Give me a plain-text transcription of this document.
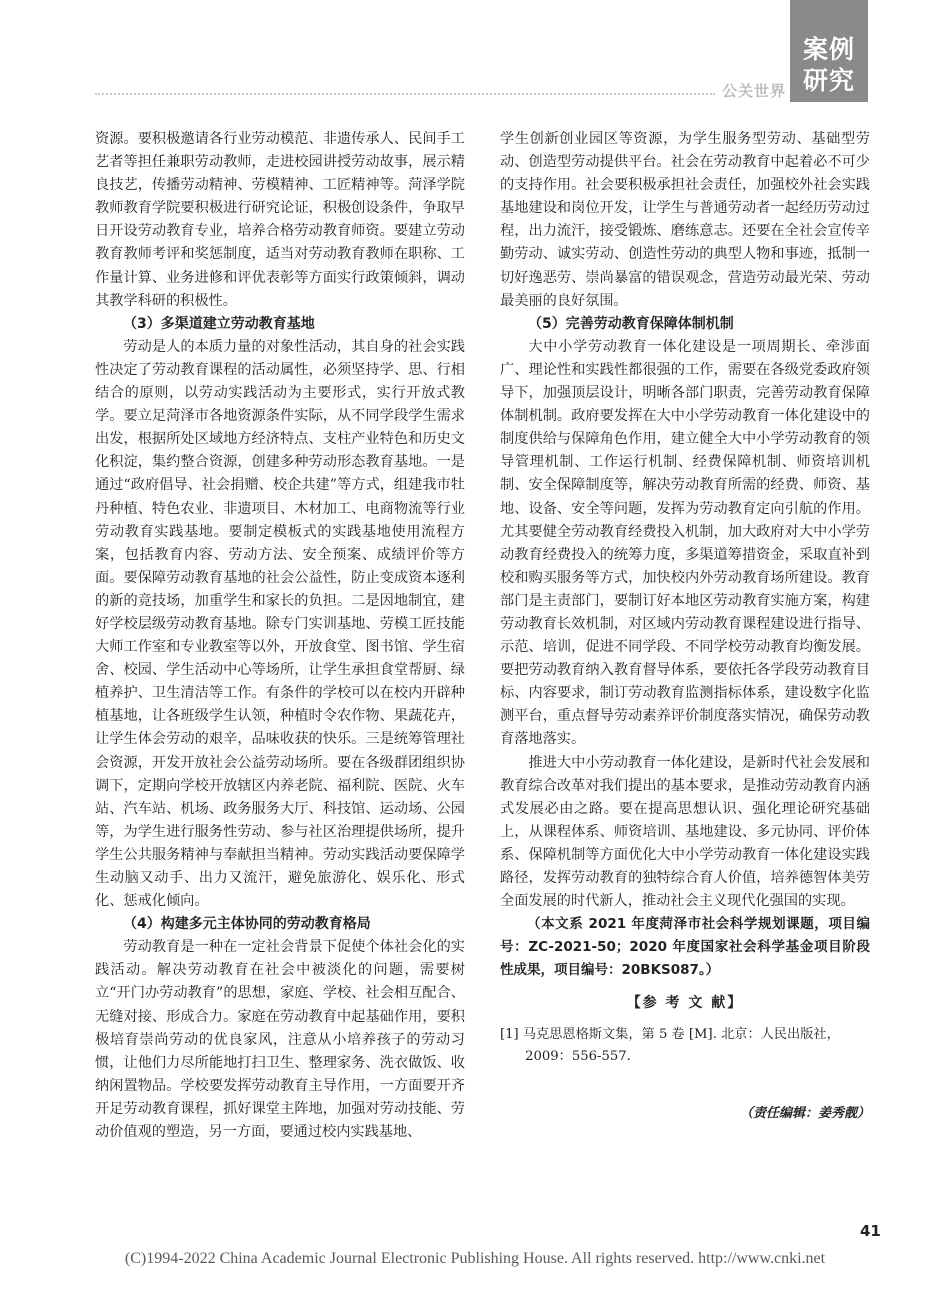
公关世界
案例
研究

资源。要积极邀请各行业劳动模范、非遗传承人、民间手工艺者等担任兼职劳动教师，走进校园讲授劳动故事，展示精良技艺，传播劳动精神、劳模精神、工匠精神等。菏泽学院教师教育学院要积极进行研究论证，积极创设条件，争取早日开设劳动教育专业，培养合格劳动教育师资。要建立劳动教育教师考评和奖惩制度，适当对劳动教育教师在职称、工作量计算、业务进修和评优表彰等方面实行政策倾斜，调动其教学科研的积极性。

（3）多渠道建立劳动教育基地

劳动是人的本质力量的对象性活动，其自身的社会实践性决定了劳动教育课程的活动属性，必须坚持学、思、行相结合的原则，以劳动实践活动为主要形式，实行开放式教学。要立足菏泽市各地资源条件实际，从不同学段学生需求出发，根据所处区域地方经济特点、支柱产业特色和历史文化积淀，集约整合资源，创建多种劳动形态教育基地。一是通过“政府倡导、社会捐赠、校企共建”等方式，组建我市牡丹种植、特色农业、非遗项目、木材加工、电商物流等行业劳动教育实践基地。要制定模板式的实践基地使用流程方案，包括教育内容、劳动方法、安全预案、成绩评价等方面。要保障劳动教育基地的社会公益性，防止变成资本逐利的新的竞技场，加重学生和家长的负担。二是因地制宜，建好学校层级劳动教育基地。除专门实训基地、劳模工匠技能大师工作室和专业教室等以外，开放食堂、图书馆、学生宿舍、校园、学生活动中心等场所，让学生承担食堂帮厨、绿植养护、卫生清洁等工作。有条件的学校可以在校内开辟种植基地，让各班级学生认领，种植时令农作物、果蔬花卉，让学生体会劳动的艰辛，品味收获的快乐。三是统筹管理社会资源，开发开放社会公益劳动场所。要在各级群团组织协调下，定期向学校开放辖区内养老院、福利院、医院、火车站、汽车站、机场、政务服务大厅、科技馆、运动场、公园等，为学生进行服务性劳动、参与社区治理提供场所，提升学生公共服务精神与奉献担当精神。劳动实践活动要保障学生动脑又动手、出力又流汗，避免旅游化、娱乐化、形式化、惩戒化倾向。

（4）构建多元主体协同的劳动教育格局

劳动教育是一种在一定社会背景下促使个体社会化的实践活动。解决劳动教育在社会中被淡化的问题，需要树立“开门办劳动教育”的思想，家庭、学校、社会相互配合、无缝对接、形成合力。家庭在劳动教育中起基础作用，要积极培育崇尚劳动的优良家风，注意从小培养孩子的劳动习惯，让他们力尽所能地打扫卫生、整理家务、洗衣做饭、收纳闲置物品。学校要发挥劳动教育主导作用，一方面要开齐开足劳动教育课程，抓好课堂主阵地，加强对劳动技能、劳动价值观的塑造，另一方面，要通过校内实践基地、

学生创新创业园区等资源，为学生服务型劳动、基础型劳动、创造型劳动提供平台。社会在劳动教育中起着必不可少的支持作用。社会要积极承担社会责任，加强校外社会实践基地建设和岗位开发，让学生与普通劳动者一起经历劳动过程，出力流汗，接受锻炼、磨练意志。还要在全社会宣传辛勤劳动、诚实劳动、创造性劳动的典型人物和事迹，抵制一切好逸恶劳、崇尚暴富的错误观念，营造劳动最光荣、劳动最美丽的良好氛围。

（5）完善劳动教育保障体制机制

大中小学劳动教育一体化建设是一项周期长、牵涉面广、理论性和实践性都很强的工作，需要在各级党委政府领导下，加强顶层设计，明晰各部门职责，完善劳动教育保障体制机制。政府要发挥在大中小学劳动教育一体化建设中的制度供给与保障角色作用，建立健全大中小学劳动教育的领导管理机制、工作运行机制、经费保障机制、师资培训机制、安全保障制度等，解决劳动教育所需的经费、师资、基地、设备、安全等问题，发挥为劳动教育定向引航的作用。尤其要健全劳动教育经费投入机制，加大政府对大中小学劳动教育经费投入的统筹力度，多渠道筹措资金，采取直补到校和购买服务等方式，加快校内外劳动教育场所建设。教育部门是主责部门，要制订好本地区劳动教育实施方案，构建劳动教育长效机制，对区域内劳动教育课程建设进行指导、示范、培训，促进不同学段、不同学校劳动教育均衡发展。要把劳动教育纳入教育督导体系，要依托各学段劳动教育目标、内容要求，制订劳动教育监测指标体系，建设数字化监测平台，重点督导劳动素养评价制度落实情况，确保劳动教育落地落实。

推进大中小劳动教育一体化建设，是新时代社会发展和教育综合改革对我们提出的基本要求，是推动劳动教育内涵式发展必由之路。要在提高思想认识、强化理论研究基础上，从课程体系、师资培训、基地建设、多元协同、评价体系、保障机制等方面优化大中小学劳动教育一体化建设实践路径，发挥劳动教育的独特综合育人价值，培养德智体美劳全面发展的时代新人，推动社会主义现代化强国的实现。

（本文系 2021 年度菏泽市社会科学规划课题，项目编号：ZC-2021-50；2020 年度国家社会科学基金项目阶段性成果，项目编号：20BKS087。）

【参 考 文 献】

[1] 马克思恩格斯文集，第 5 卷 [M]. 北京：人民出版社，2009：556-557.

（责任编辑：姜秀靓）

41
(C)1994-2022 China Academic Journal Electronic Publishing House. All rights reserved. http://www.cnki.net
